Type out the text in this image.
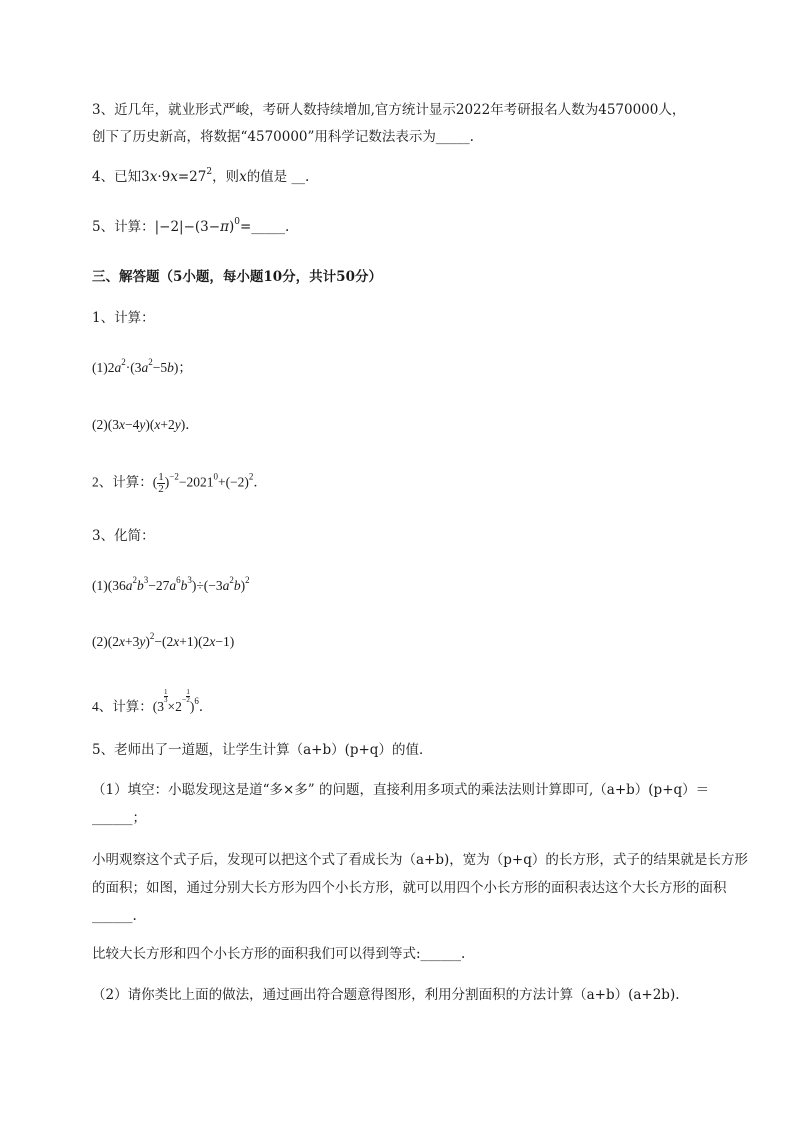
3、近几年，就业形式严峻，考研人数持续增加,官方统计显示2022年考研报名人数为4570000人，
创下了历史新高，将数据“4570000”用科学记数法表示为_____.
4、已知$3x\cdot 9x=27^2$，则x的值是 __.
5、计算：$|-2|-(3-\pi)^0=\_\_\_\_\_$.
三、解答题（5小题，每小题10分，共计50分）
1、计算：
$(1)2a^2\cdot(3a^2-5b)$；
(2)(3x−4y)(x+2y)．
2、计算：( $\frac{1}{2} )^{-2}-2021^0+(-2)^2$．
3、化简：
$(1)(36a^2b^3-27a^6b^3)\div(-3a^2b)^2$
$(2)(2x+3y)^2-(2x+1)(2x-1)$
4、计算：(3
$\frac{1}{3}$
$\times 2^- \frac{1}{2}$
)$^6$．
5、老师出了一道题，让学生计算（a+b）(p+q）的值．
（1）填空：小聪发现这是道“多×多” 的问题，直接利用多项式的乘法法则计算即可,（a+b）(p+q）＝______；
小明观察这个式子后，发现可以把这个式了看成长为（a+b)，宽为（p+q）的长方形，式子的结果就是长方形的面积；如图，通过分别大长方形为四个小长方形，就可以用四个小长方形的面积表达这个大长方形的面积______.
比较大长方形和四个小长方形的面积我们可以得到等式:______.
（2）请你类比上面的做法，通过画出符合题意得图形，利用分割面积的方法计算（a+b）(a+2b).
